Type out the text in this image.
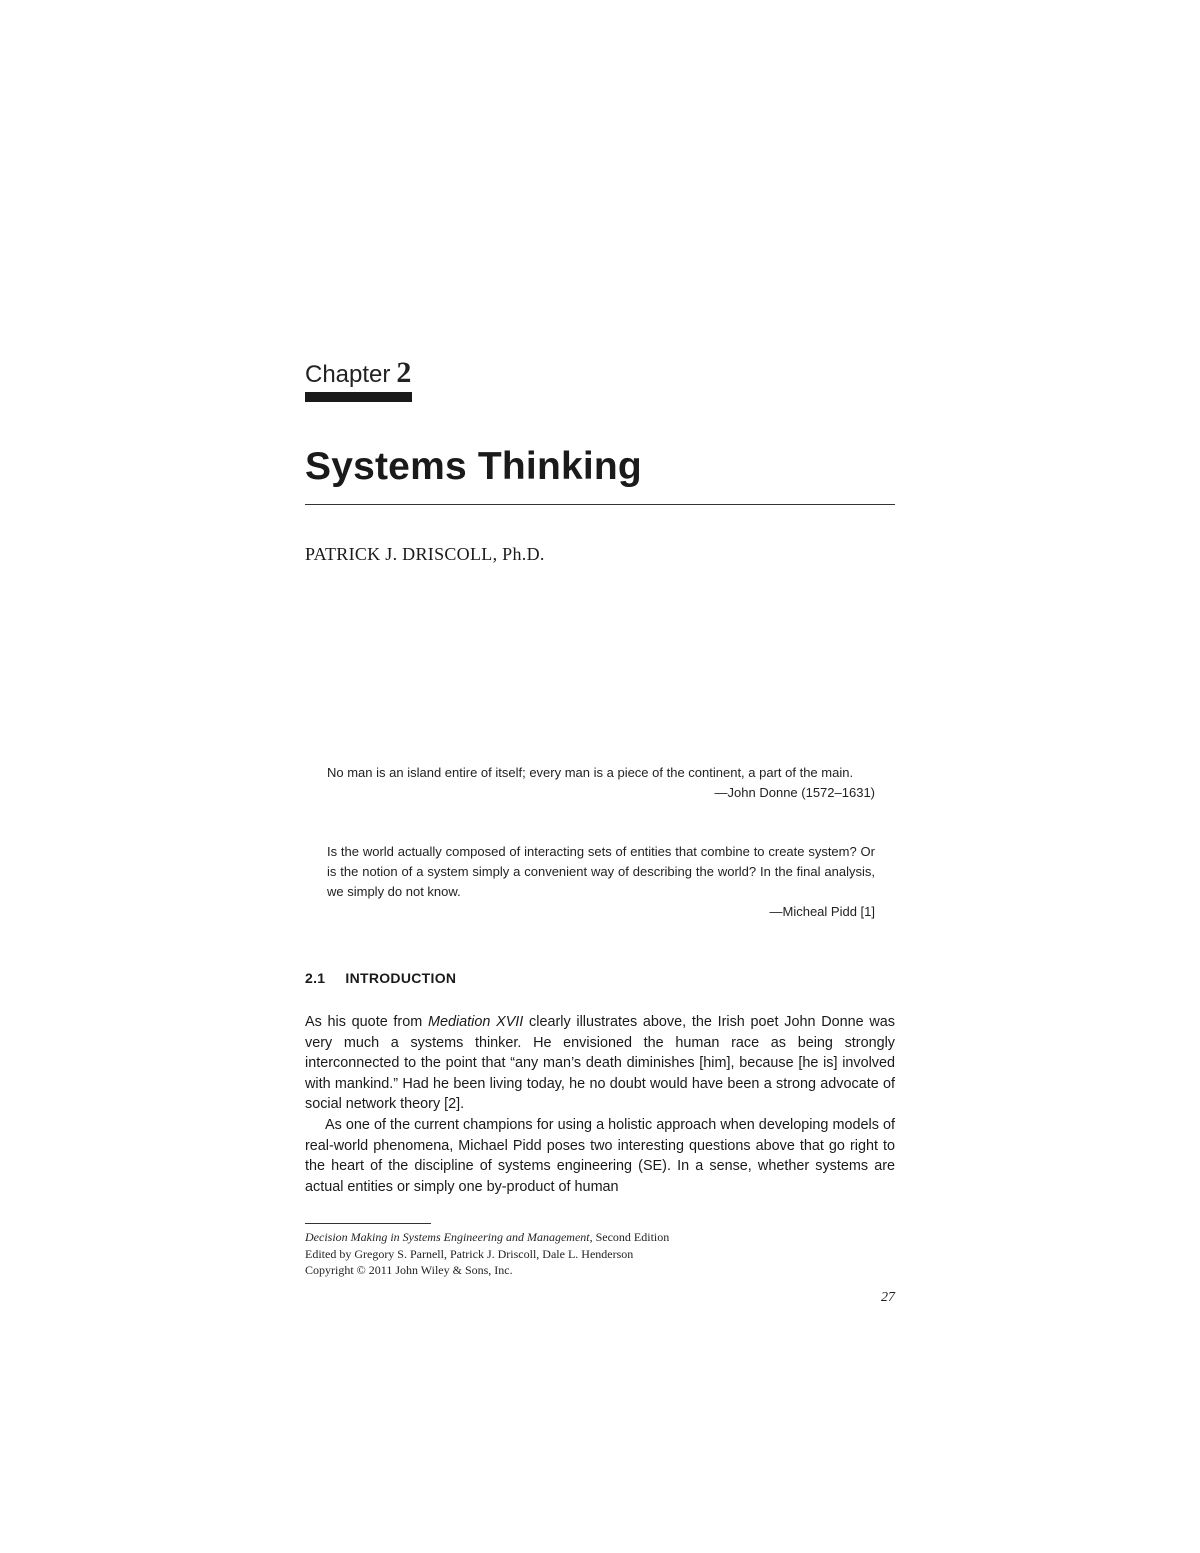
Chapter 2
Systems Thinking
PATRICK J. DRISCOLL, Ph.D.

No man is an island entire of itself; every man is a piece of the continent, a part of the main.

—John Donne (1572–1631)

Is the world actually composed of interacting sets of entities that combine to create system? Or is the notion of a system simply a convenient way of describing the world? In the final analysis, we simply do not know.

—Micheal Pidd [1]

2.1 INTRODUCTION

As his quote from Mediation XVII clearly illustrates above, the Irish poet John Donne was very much a systems thinker. He envisioned the human race as being strongly interconnected to the point that “any man’s death diminishes [him], because [he is] involved with mankind.” Had he been living today, he no doubt would have been a strong advocate of social network theory [2].

As one of the current champions for using a holistic approach when developing models of real-world phenomena, Michael Pidd poses two interesting questions above that go right to the heart of the discipline of systems engineering (SE). In a sense, whether systems are actual entities or simply one by-product of human

Decision Making in Systems Engineering and Management, Second Edition
Edited by Gregory S. Parnell, Patrick J. Driscoll, Dale L. Henderson
Copyright © 2011 John Wiley & Sons, Inc.
27
